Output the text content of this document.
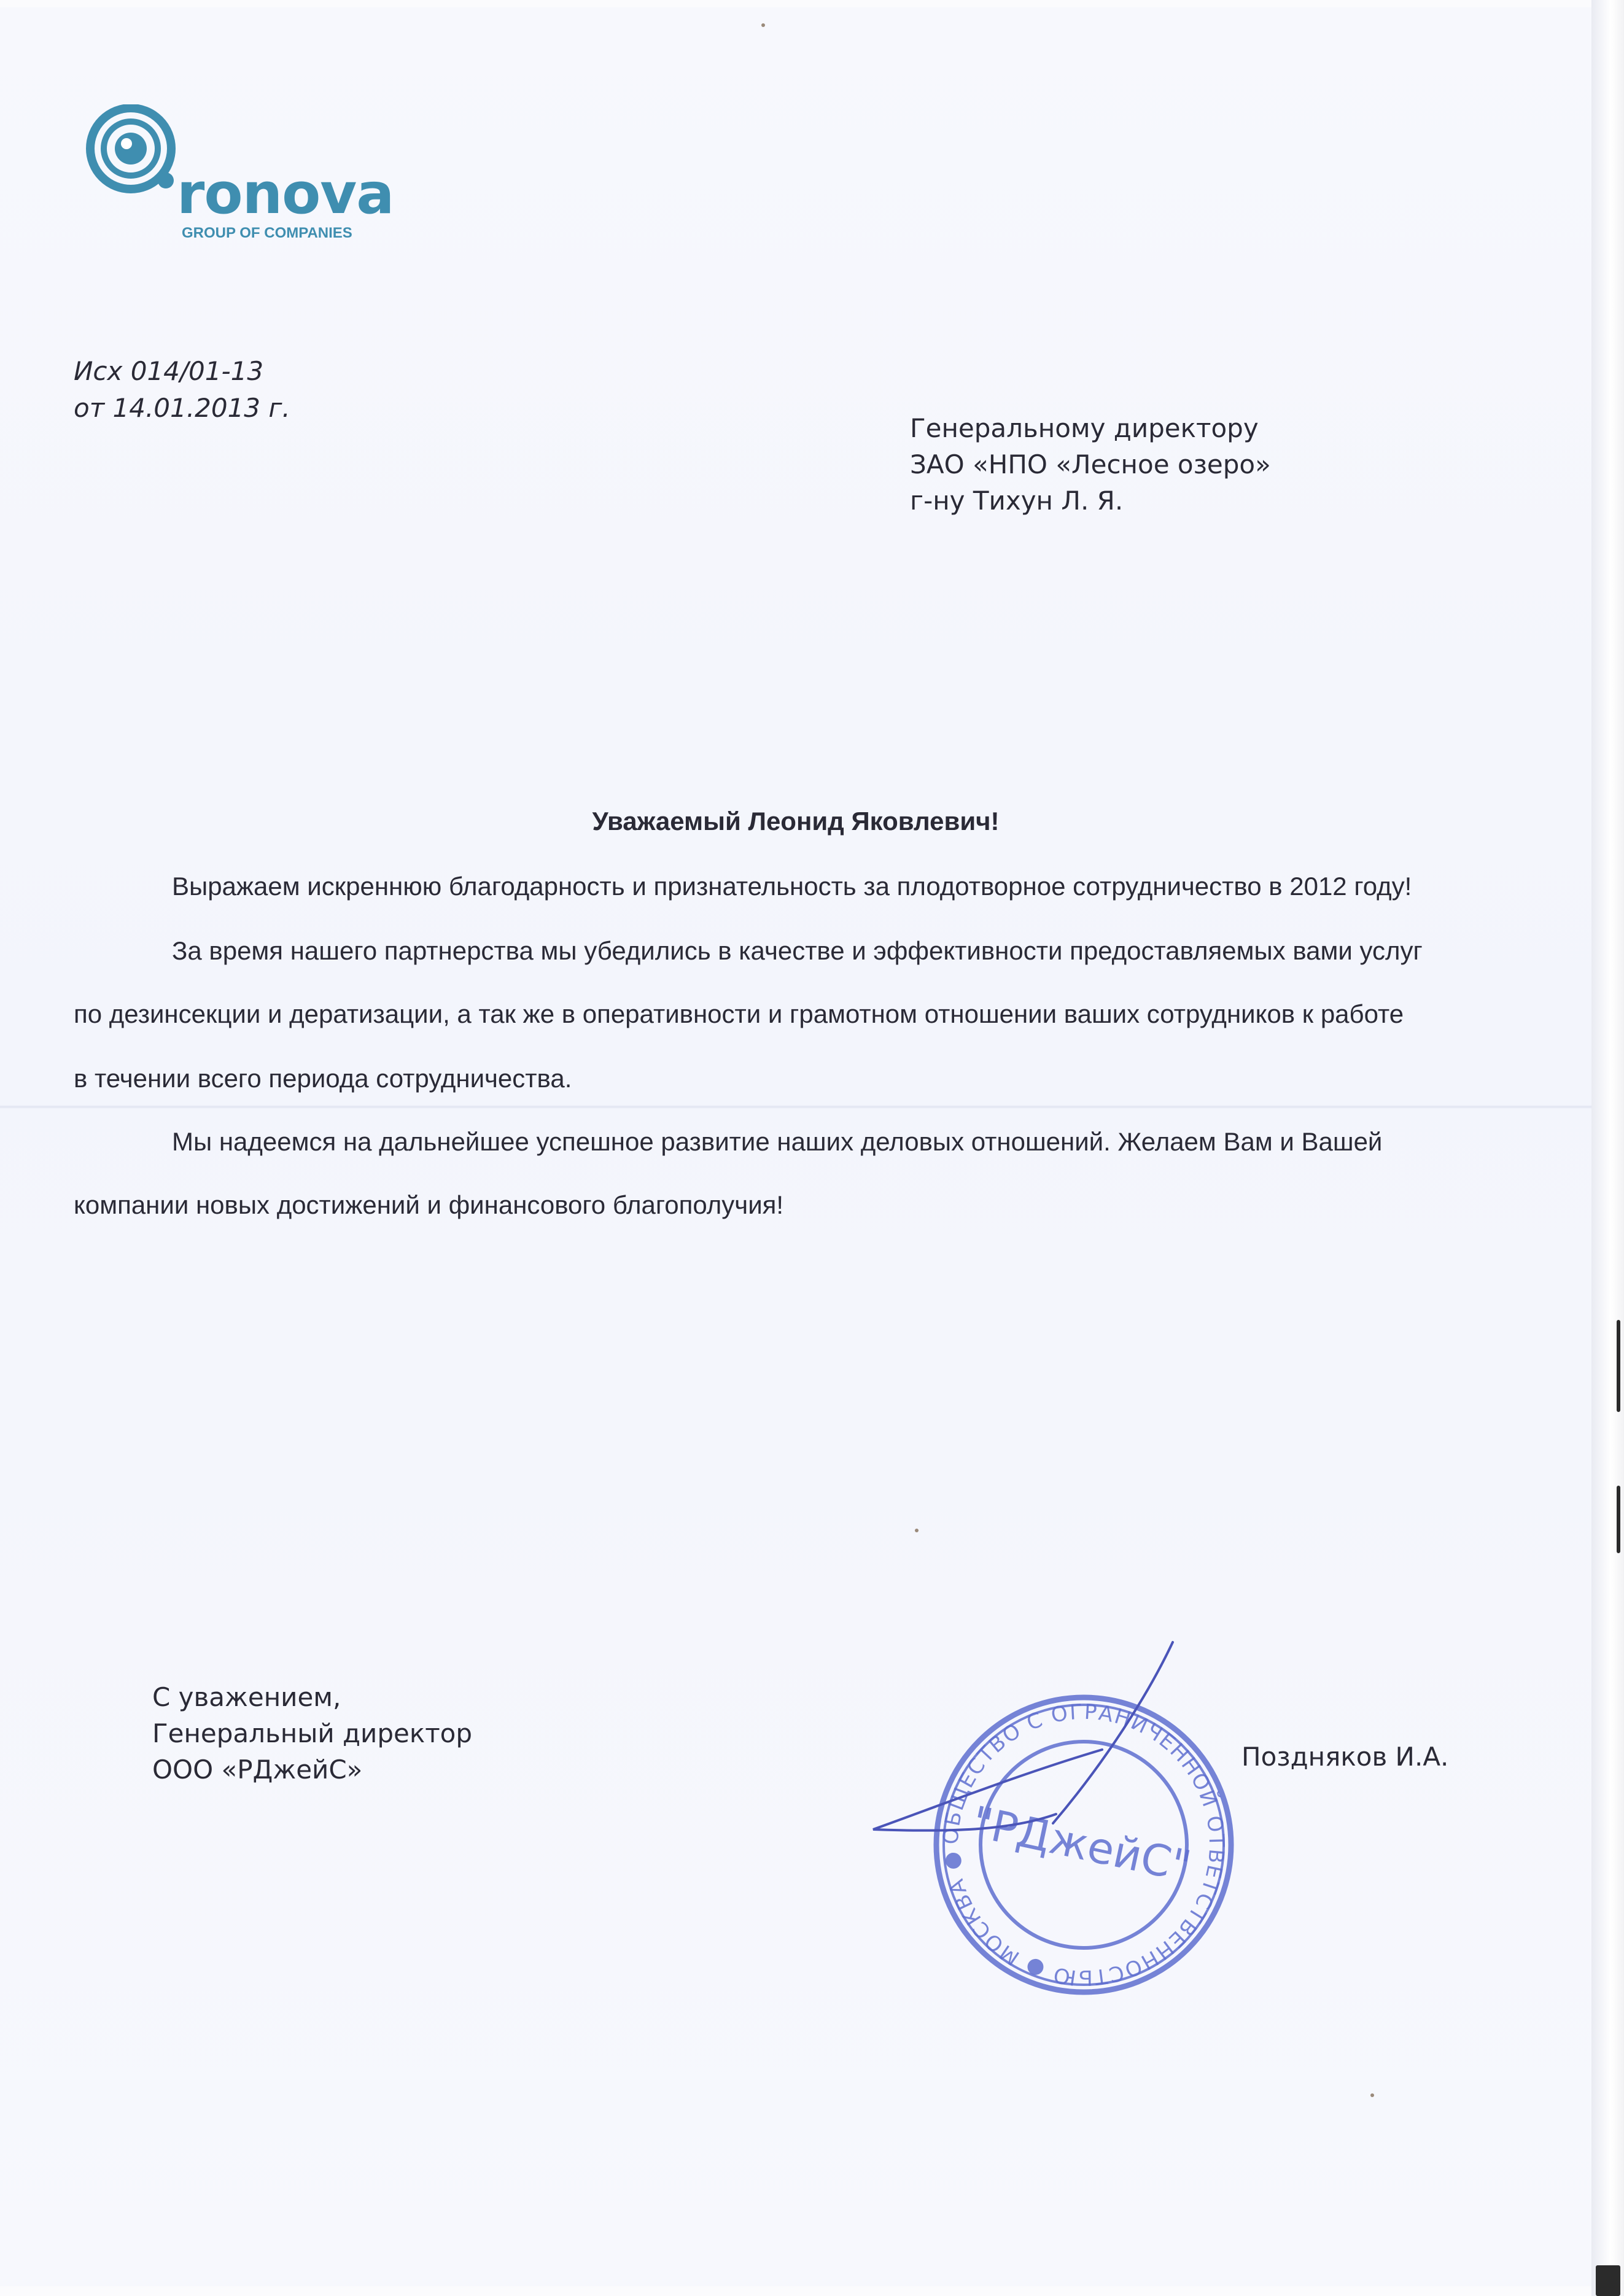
ronova
GROUP OF COMPANIES
Исх 014/01-13
от 14.01.2013 г.
Генеральному директору
ЗАО «НПО «Лесное озеро»
г-ну Тихун Л. Я.
Уважаемый Леонид Яковлевич!
Выражаем искреннюю благодарность и признательность за плодотворное сотрудничество в 2012 году!
За время нашего партнерства мы убедились в качестве и эффективности предоставляемых вами услуг
по дезинсекции и дератизации, а так же в оперативности и грамотном отношении ваших сотрудников к работе
в течении всего периода сотрудничества.
Мы надеемся на дальнейшее успешное развитие наших деловых отношений. Желаем Вам и Вашей
компании новых достижений и финансового благополучия!
С уважением,
Генеральный директор
ООО «РДжейС»	Поздняков И.А.
ОБЩЕСТВО С ОГРАНИЧЕННОЙ ОТВЕТСТВЕННОСТЬЮ ● МОСКВА ● "РДжейС"
